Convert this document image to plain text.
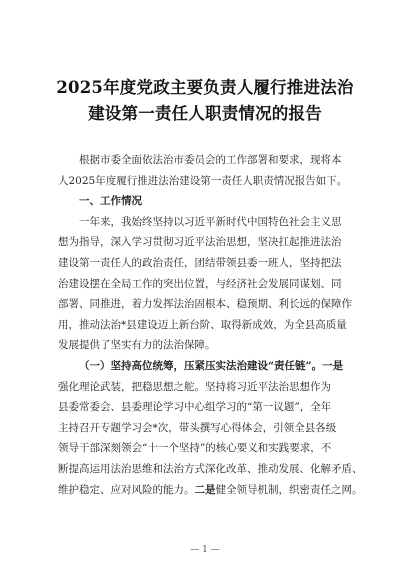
2025年度党政主要负责人履行推进法治
建设第一责任人职责情况的报告
根据市委全面依法治市委员会的工作部署和要求，现将本
人2025年度履行推进法治建设第一责任人职责情况报告如下。
一、工作情况
一年来，我始终坚持以习近平新时代中国特色社会主义思
想为指导，深入学习贯彻习近平法治思想，坚决扛起推进法治
建设第一责任人的政治责任，团结带领县委一班人，坚持把法
治建设摆在全局工作的突出位置，与经济社会发展同谋划、同
部署、同推进，着力发挥法治固根本、稳预期、利长远的保障作
用，推动法治*县建设迈上新台阶、取得新成效，为全县高质量
发展提供了坚实有力的法治保障。
（一）坚持高位统筹，压紧压实法治建设“责任链”。一是
强化理论武装，把稳思想之舵。坚持将习近平法治思想作为
县委常委会、县委理论学习中心组学习的“第一议题”，全年
主持召开专题学习会*次，带头撰写心得体会，引领全县各级
领导干部深刻领会“十一个坚持”的核心要义和实践要求，不
断提高运用法治思维和法治方式深化改革、推动发展、化解矛盾、
维护稳定、应对风险的能力。二是健全领导机制，织密责任之网。
— 1 —
